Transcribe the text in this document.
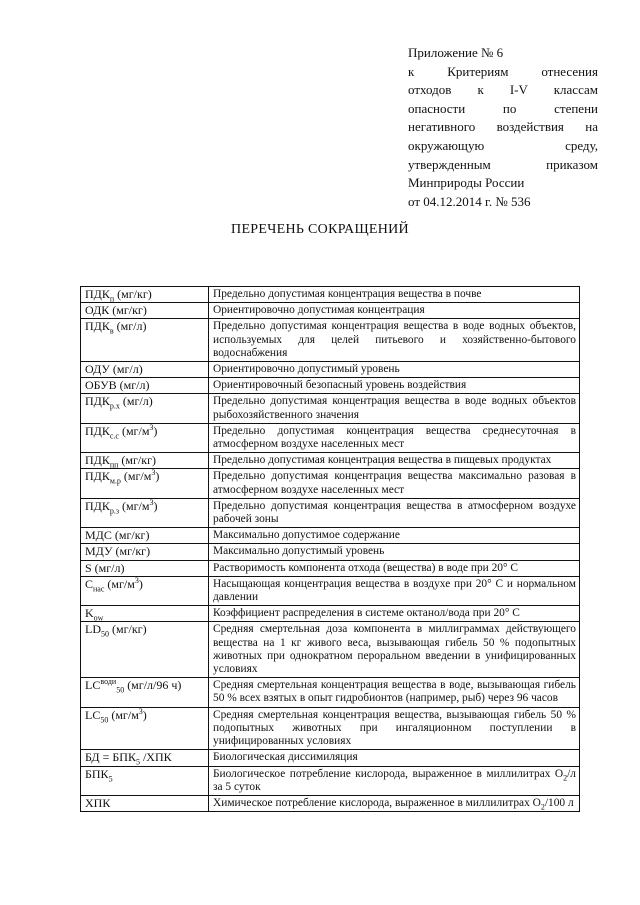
Приложение № 6
к Критериям отнесения
отходов к I-V классам
опасности по степени
негативного воздействия на
окружающую среду,
утвержденным приказом
Минприроды России
от 04.12.2014 г. № 536
ПЕРЕЧЕНЬ СОКРАЩЕНИЙ
$ПДК_п$ (мг/кг)	Предельно допустимая концентрация вещества в почве
ОДК (мг/кг)	Ориентировочно допустимая концентрация
$ПДК_в$ (мг/л)	Предельно допустимая концентрация вещества в воде водных объектов, используемых для целей питьевого и хозяйственно-бытового водоснабжения
ОДУ (мг/л)	Ориентировочно допустимый уровень
ОБУВ (мг/л)	Ориентировочный безопасный уровень воздействия
$ПДК_{р.х}$ (мг/л)	Предельно допустимая концентрация вещества в воде водных объектов рыбохозяйственного значения
$ПДК_{с.с}$ $(мг/м^3)$	Предельно допустимая концентрация вещества среднесуточная в атмосферном воздухе населенных мест
$ПДК_{пп}$ (мг/кг)	Предельно допустимая концентрация вещества в пищевых продуктах
$ПДК_{м.р}$ $(мг/м^3)$	Предельно допустимая концентрация вещества максимально разовая в атмосферном воздухе населенных мест
$ПДК_{р.з}$ $(мг/м^3)$	Предельно допустимая концентрация вещества в атмосферном воздухе рабочей зоны
МДС (мг/кг)	Максимально допустимое содержание
МДУ (мг/кг)	Максимально допустимый уровень
S (мг/л)	Растворимость компонента отхода (вещества) в воде при 20° С
$C_{нас}$ $(мг/м^3)$	Насыщающая концентрация вещества в воздухе при 20° С и нормальном давлении
$K_{ow}$	Коэффициент распределения в системе октанол/вода при 20° С
$LD_{50}$ (мг/кг)	Средняя смертельная доза компонента в миллиграммах действующего вещества на 1 кг живого веса, вызывающая гибель 50 % подопытных животных при однократном пероральном введении в унифицированных условиях
$LC^{води}_{50}$ (мг/л/96 ч)	Средняя смертельная концентрация вещества в воде, вызывающая гибель 50 % всех взятых в опыт гидробионтов (например, рыб) через 96 часов
$LC_{50}$ $(мг/м^3)$	Средняя смертельная концентрация вещества, вызывающая гибель 50 % подопытных животных при ингаляционном поступлении в унифицированных условиях
БД = $БПК_5$ /ХПК	Биологическая диссимиляция
$БПК_5$	Биологическое потребление кислорода, выраженное в миллилитрах $O_2/л$ за 5 суток
ХПК	Химическое потребление кислорода, выраженное в миллилитрах $O_2/100$ л
